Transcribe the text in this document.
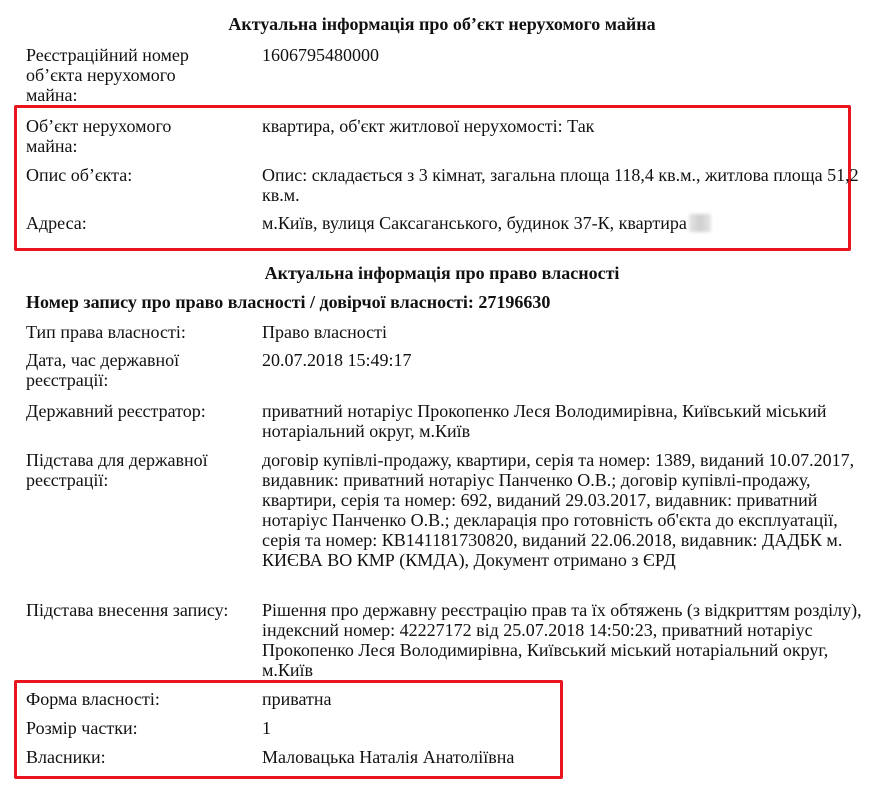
Актуальна інформація про об’єкт нерухомого майна
Реєстраційний номер об’єкта нерухомого майна:
1606795480000
Об’єкт нерухомого майна:
квартира, об'єкт житлової нерухомості: Так
Опис об’єкта:	Опис: складається з 3 кімнат, загальна площа 118,4 кв.м., житлова площа 51,2 кв.м.
Адреса:	м.Київ, вулиця Саксаганського, будинок 37-К, квартира
Актуальна інформація про право власності
Номер запису про право власності / довірчої власності: 27196630
Тип права власності:	Право власності
Дата, час державної реєстрації:
20.07.2018 15:49:17
Державний реєстратор:	приватний нотаріус Прокопенко Леся Володимирівна, Київський міський нотаріальний округ, м.Київ
Підстава для державної реєстрації:
договір купівлі-продажу, квартири, серія та номер: 1389, виданий 10.07.2017, видавник: приватний нотаріус Панченко О.В.; договір купівлі-продажу, квартири, серія та номер: 692, виданий 29.03.2017, видавник: приватний нотаріус Панченко О.В.; декларація про готовність об'єкта до експлуатації, серія та номер: КВ141181730820, виданий 22.06.2018, видавник: ДАДБК м. КИЄВА ВО КМР (КМДА), Документ отримано з ЄРД
Підстава внесення запису:	Рішення про державну реєстрацію прав та їх обтяжень (з відкриттям розділу), індексний номер: 42227172 від 25.07.2018 14:50:23, приватний нотаріус Прокопенко Леся Володимирівна, Київський міський нотаріальний округ, м.Київ
Форма власності:	приватна
Розмір частки:	1
Власники:	Маловацька Наталія Анатоліївна
